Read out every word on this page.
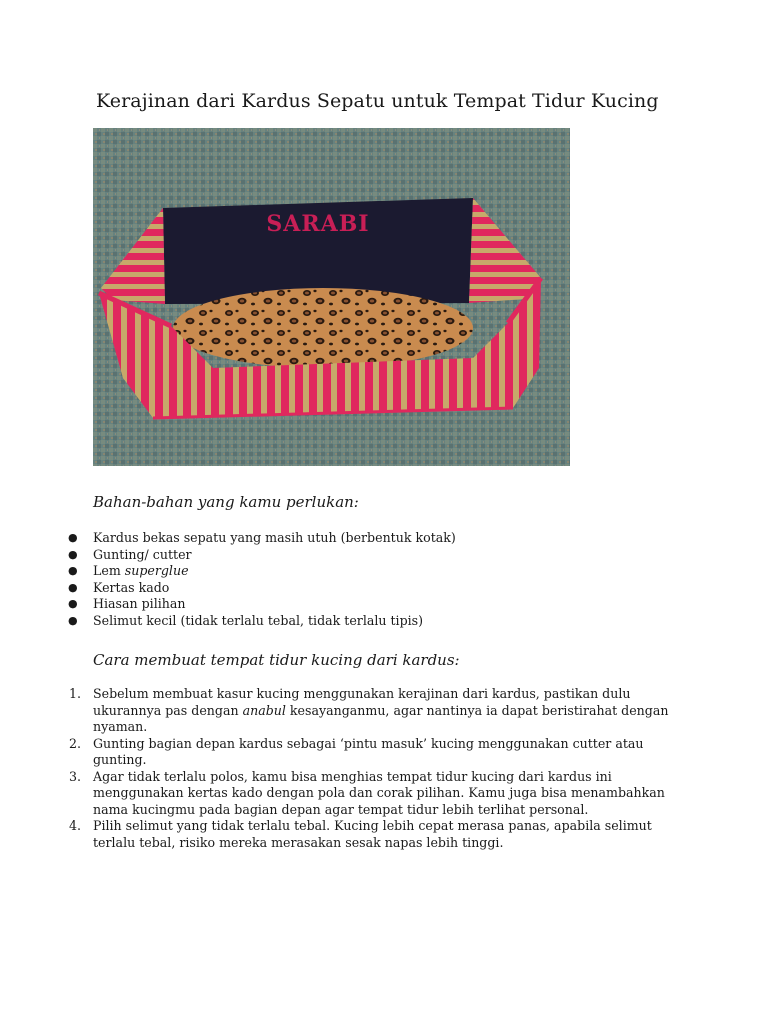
Kerajinan dari Kardus Sepatu untuk Tempat Tidur Kucing
SARABI
Bahan-bahan yang kamu perlukan:
● Kardus bekas sepatu yang masih utuh (berbentuk kotak)
● Gunting/ cutter
● Lem superglue
● Kertas kado
● Hiasan pilihan
● Selimut kecil (tidak terlalu tebal, tidak terlalu tipis)
Cara membuat tempat tidur kucing dari kardus:
1. Sebelum membuat kasur kucing menggunakan kerajinan dari kardus, pastikan dulu ukurannya pas dengan anabul kesayanganmu, agar nantinya ia dapat beristirahat dengan nyaman.
2. Gunting bagian depan kardus sebagai ‘pintu masuk’ kucing menggunakan cutter atau gunting.
3. Agar tidak terlalu polos, kamu bisa menghias tempat tidur kucing dari kardus ini menggunakan kertas kado dengan pola dan corak pilihan. Kamu juga bisa menambahkan nama kucingmu pada bagian depan agar tempat tidur lebih terlihat personal.
4. Pilih selimut yang tidak terlalu tebal. Kucing lebih cepat merasa panas, apabila selimut terlalu tebal, risiko mereka merasakan sesak napas lebih tinggi.
